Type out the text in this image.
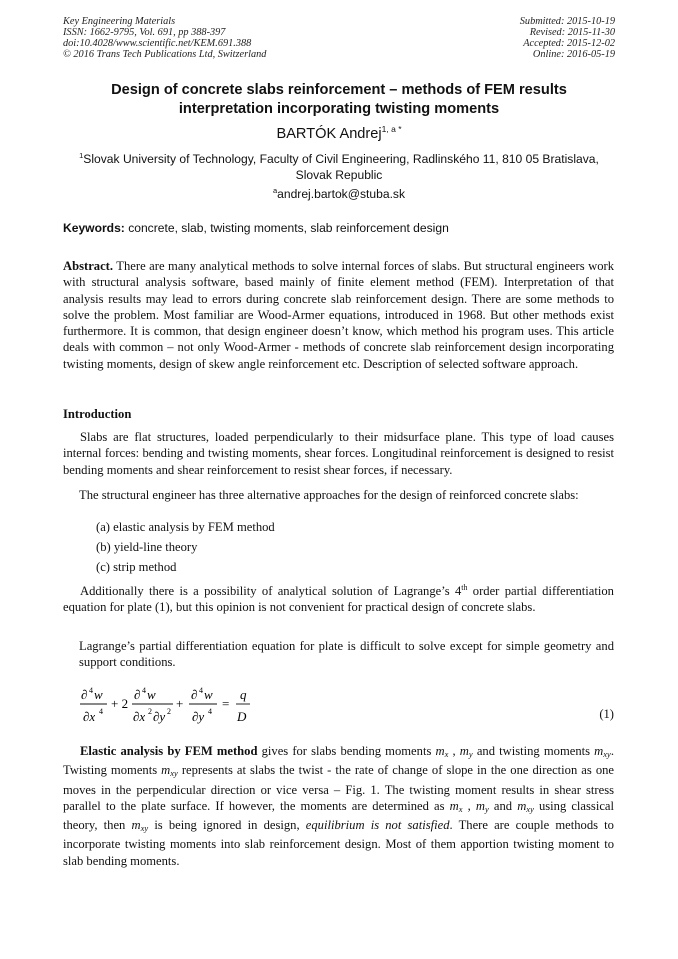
Key Engineering Materials
ISSN: 1662-9795, Vol. 691, pp 388-397
doi:10.4028/www.scientific.net/KEM.691.388
© 2016 Trans Tech Publications Ltd, Switzerland
Submitted: 2015-10-19
Revised: 2015-11-30
Accepted: 2015-12-02
Online: 2016-05-19
Design of concrete slabs reinforcement – methods of FEM results
interpretation incorporating twisting moments
BARTÓK Andrej$^{1, a *}$
$^1$Slovak University of Technology, Faculty of Civil Engineering, Radlinského 11, 810 05 Bratislava,
Slovak Republic
$^a$andrej.bartok@stuba.sk
Keywords: concrete, slab, twisting moments, slab reinforcement design
Abstract. There are many analytical methods to solve internal forces of slabs. But structural engineers work with structural analysis software, based mainly of finite element method (FEM). Interpretation of that analysis results may lead to errors during concrete slab reinforcement design. There are some methods to solve the problem. Most familiar are Wood-Armer equations, introduced in 1968. But other methods exist furthermore. It is common, that design engineer doesn’t know, which method his program uses. This article deals with common – not only Wood-Armer - methods of concrete slab reinforcement design incorporating twisting moments, design of skew angle reinforcement etc. Description of selected software approach.
Introduction
Slabs are flat structures, loaded perpendicularly to their midsurface plane. This type of load causes internal forces: bending and twisting moments, shear forces. Longitudinal reinforcement is designed to resist bending moments and shear reinforcement to resist shear forces, if necessary.
The structural engineer has three alternative approaches for the design of reinforced concrete slabs:
(a) elastic analysis by FEM method
(b) yield-line theory
(c) strip method
Additionally there is a possibility of analytical solution of Lagrange’s 4th order partial differentiation equation for plate (1), but this opinion is not convenient for practical design of concrete slabs.
Lagrange’s partial differentiation equation for plate is difficult to solve except for simple geometry and support conditions.
∂ 4 w
∂x 4
+ 2
∂ 4 w
∂x 2 ∂y 2
+
∂ 4 w
∂y 4
=
q
D	(1)
Elastic analysis by FEM method gives for slabs bending moments $m_x$ , $m_y$ and twisting moments $m_{xy}$. Twisting moments $m_{xy}$ represents at slabs the twist - the rate of change of slope in the one direction as one moves in the perpendicular direction or vice versa – Fig. 1. The twisting moment results in shear stress parallel to the plate surface. If however, the moments are determined as $m_x$ , $m_y$ and $m_{xy}$ using classical theory, then $m_{xy}$ is being ignored in design, equilibrium is not satisfied. There are couple methods to incorporate twisting moments into slab reinforcement design. Most of them apportion twisting moment to slab bending moments.
